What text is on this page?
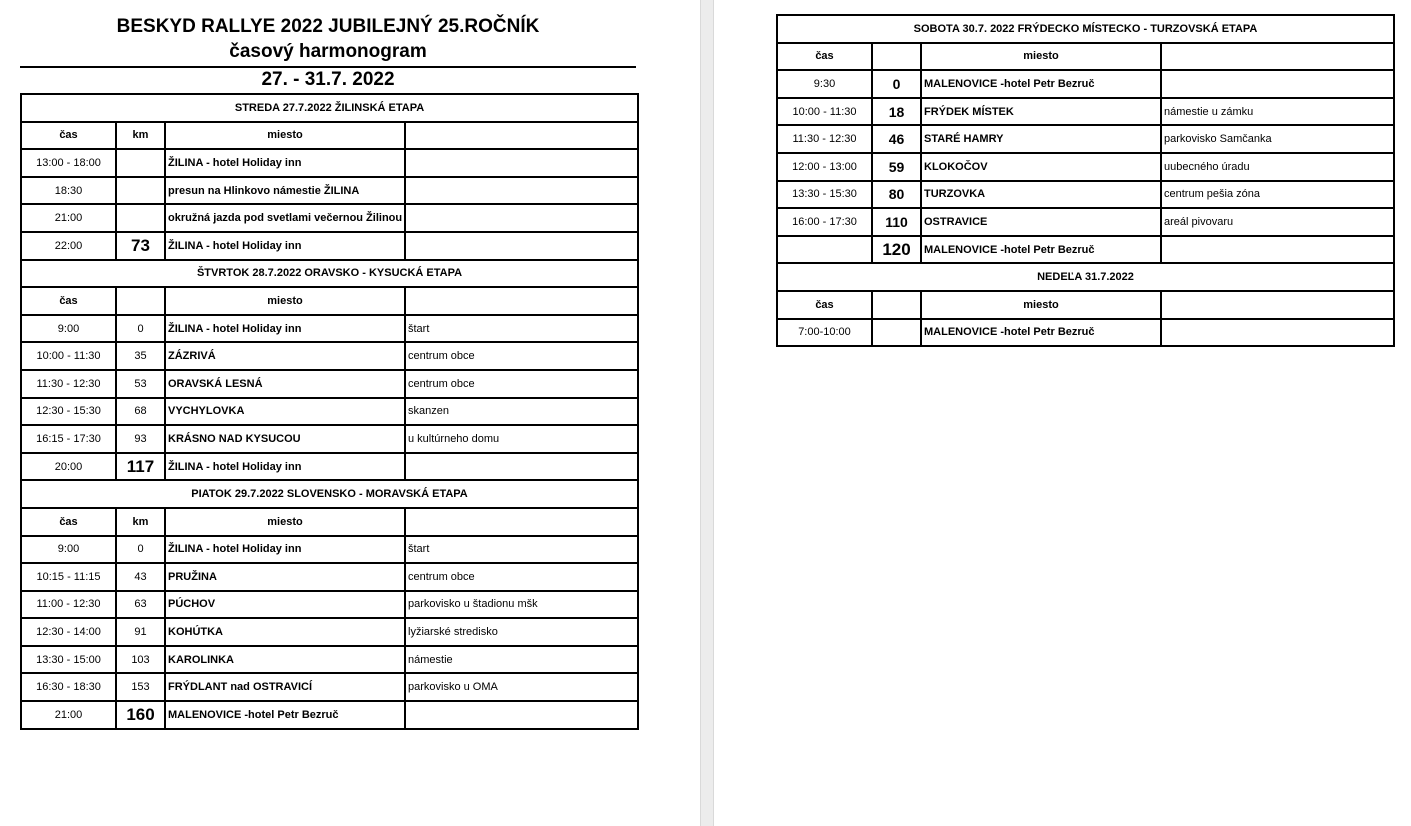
BESKYD RALLYE 2022 JUBILEJNÝ 25.ROČNÍK
časový harmonogram
27. - 31.7. 2022
STREDA 27.7.2022 ŽILINSKÁ ETAPA			
čas	km	miesto	
13:00 - 18:00		ŽILINA - hotel Holiday inn	
18:30		presun na Hlinkovo námestie ŽILINA	
21:00		okružná jazda pod svetlami večernou Žilinou	
22:00	73	ŽILINA - hotel Holiday inn	
ŠTVRTOK 28.7.2022 ORAVSKO - KYSUCKÁ ETAPA			
čas		miesto	
9:00	0	ŽILINA - hotel Holiday inn	štart
10:00 - 11:30	35	ZÁZRIVÁ	centrum obce
11:30 - 12:30	53	ORAVSKÁ LESNÁ	centrum obce
12:30 - 15:30	68	VYCHYLOVKA	skanzen
16:15 - 17:30	93	KRÁSNO NAD KYSUCOU	u kultúrneho domu
20:00	117	ŽILINA - hotel Holiday inn	
PIATOK 29.7.2022 SLOVENSKO - MORAVSKÁ ETAPA			
čas	km	miesto	
9:00	0	ŽILINA - hotel Holiday inn	štart
10:15 - 11:15	43	PRUŽINA	centrum obce
11:00 - 12:30	63	PÚCHOV	parkovisko u štadionu mšk
12:30 - 14:00	91	KOHÚTKA	lyžiarské stredisko
13:30 - 15:00	103	KAROLINKA	námestie
16:30 - 18:30	153	FRÝDLANT nad OSTRAVICÍ	parkovisko u OMA
21:00	160	MALENOVICE -hotel Petr Bezruč	
SOBOTA 30.7. 2022 FRÝDECKO MÍSTECKO - TURZOVSKÁ ETAPA			
čas		miesto	
9:30	0	MALENOVICE -hotel Petr Bezruč	
10:00 - 11:30	18	FRÝDEK MÍSTEK	námestie u zámku
11:30 - 12:30	46	STARÉ HAMRY	parkovisko Samčanka
12:00 - 13:00	59	KLOKOČOV	uubecného úradu
13:30 - 15:30	80	TURZOVKA	centrum pešia zóna
16:00 - 17:30	110	OSTRAVICE	areál pivovaru
	120	MALENOVICE -hotel Petr Bezruč	
NEDEĽA 31.7.2022			
čas		miesto	
7:00-10:00		MALENOVICE -hotel Petr Bezruč	
